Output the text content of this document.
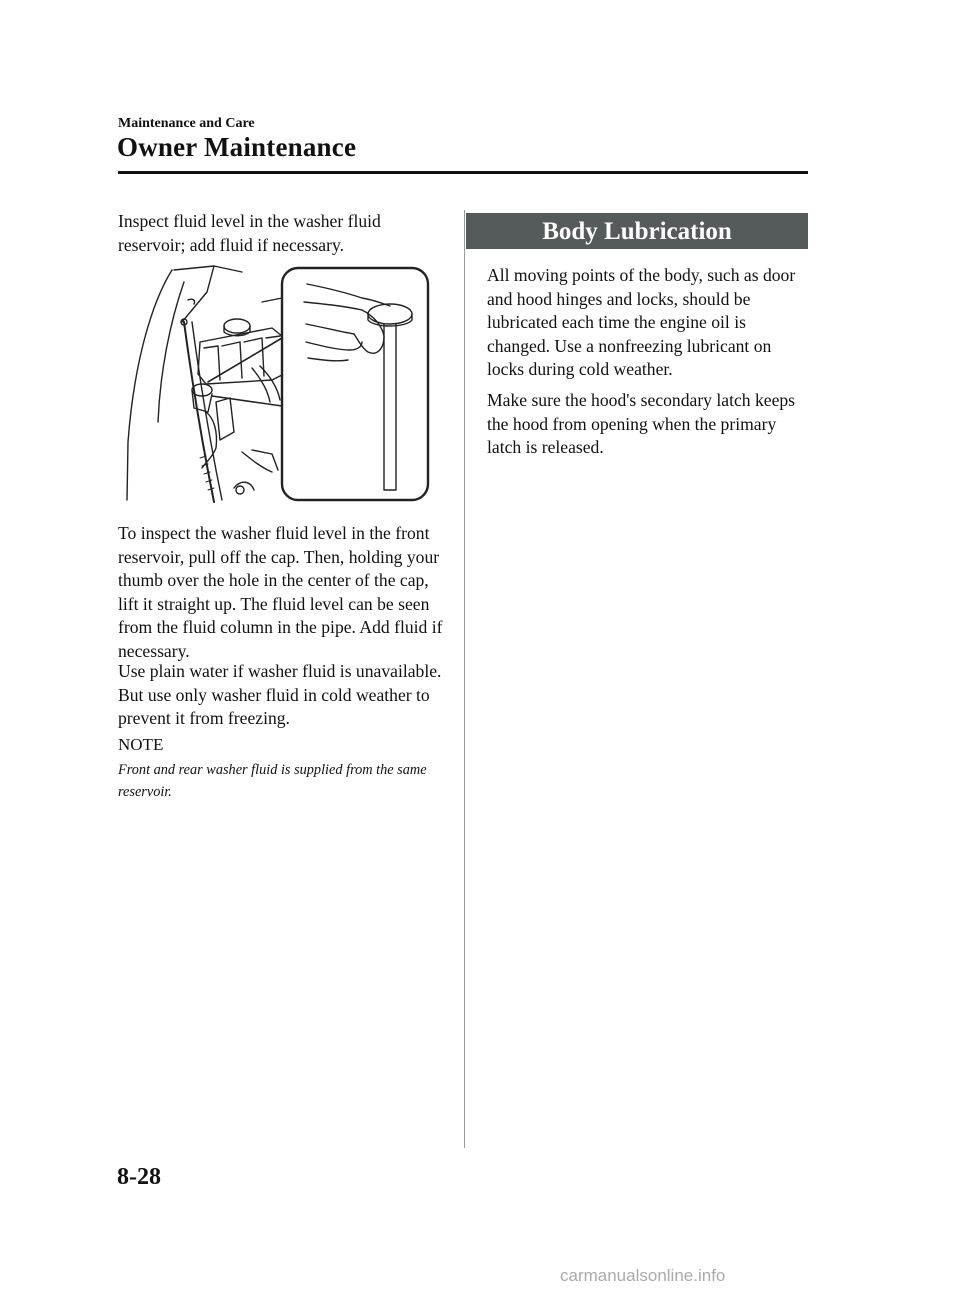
Maintenance and Care
Owner Maintenance

Inspect fluid level in the washer fluid reservoir; add fluid if necessary.

To inspect the washer fluid level in the front reservoir, pull off the cap. Then, holding your thumb over the hole in the center of the cap, lift it straight up. The fluid level can be seen from the fluid column in the pipe. Add fluid if necessary.

Use plain water if washer fluid is unavailable. But use only washer fluid in cold weather to prevent it from freezing.

NOTE

Front and rear washer fluid is supplied from the same reservoir.

Body Lubrication

All moving points of the body, such as door and hood hinges and locks, should be lubricated each time the engine oil is changed. Use a nonfreezing lubricant on locks during cold weather.

Make sure the hood's secondary latch keeps the hood from opening when the primary latch is released.

8-28
carmanualsonline.info
